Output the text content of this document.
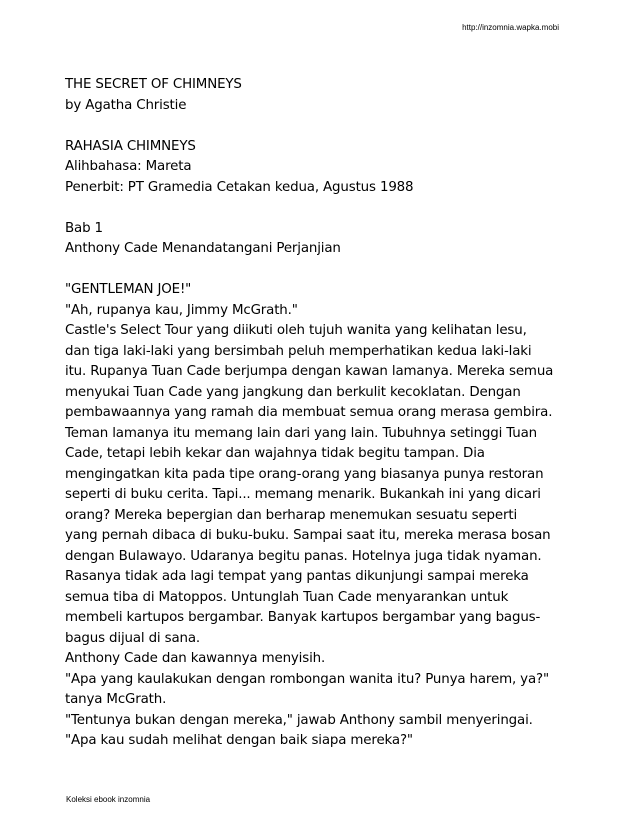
http://inzomnia.wapka.mobi
THE SECRET OF CHIMNEYS
by Agatha Christie
RAHASIA CHIMNEYS
Alihbahasa: Mareta
Penerbit: PT Gramedia Cetakan kedua, Agustus 1988
Bab 1
Anthony Cade Menandatangani Perjanjian
"GENTLEMAN JOE!"
"Ah, rupanya kau, Jimmy McGrath."
Castle's Select Tour yang diikuti oleh tujuh wanita yang kelihatan lesu,
dan tiga laki-laki yang bersimbah peluh memperhatikan kedua laki-laki
itu. Rupanya Tuan Cade berjumpa dengan kawan lamanya. Mereka semua
menyukai Tuan Cade yang jangkung dan berkulit kecoklatan. Dengan
pembawaannya yang ramah dia membuat semua orang merasa gembira.
Teman lamanya itu memang lain dari yang lain. Tubuhnya setinggi Tuan
Cade, tetapi lebih kekar dan wajahnya tidak begitu tampan. Dia
mengingatkan kita pada tipe orang-orang yang biasanya punya restoran
seperti di buku cerita. Tapi... memang menarik. Bukankah ini yang dicari
orang? Mereka bepergian dan berharap menemukan sesuatu seperti
yang pernah dibaca di buku-buku. Sampai saat itu, mereka merasa bosan
dengan Bulawayo. Udaranya begitu panas. Hotelnya juga tidak nyaman.
Rasanya tidak ada lagi tempat yang pantas dikunjungi sampai mereka
semua tiba di Matoppos. Untunglah Tuan Cade menyarankan untuk
membeli kartupos bergambar. Banyak kartupos bergambar yang bagus-
bagus dijual di sana.
Anthony Cade dan kawannya menyisih.
"Apa yang kaulakukan dengan rombongan wanita itu? Punya harem, ya?"
tanya McGrath.
"Tentunya bukan dengan mereka," jawab Anthony sambil menyeringai.
"Apa kau sudah melihat dengan baik siapa mereka?"
Koleksi ebook inzomnia
